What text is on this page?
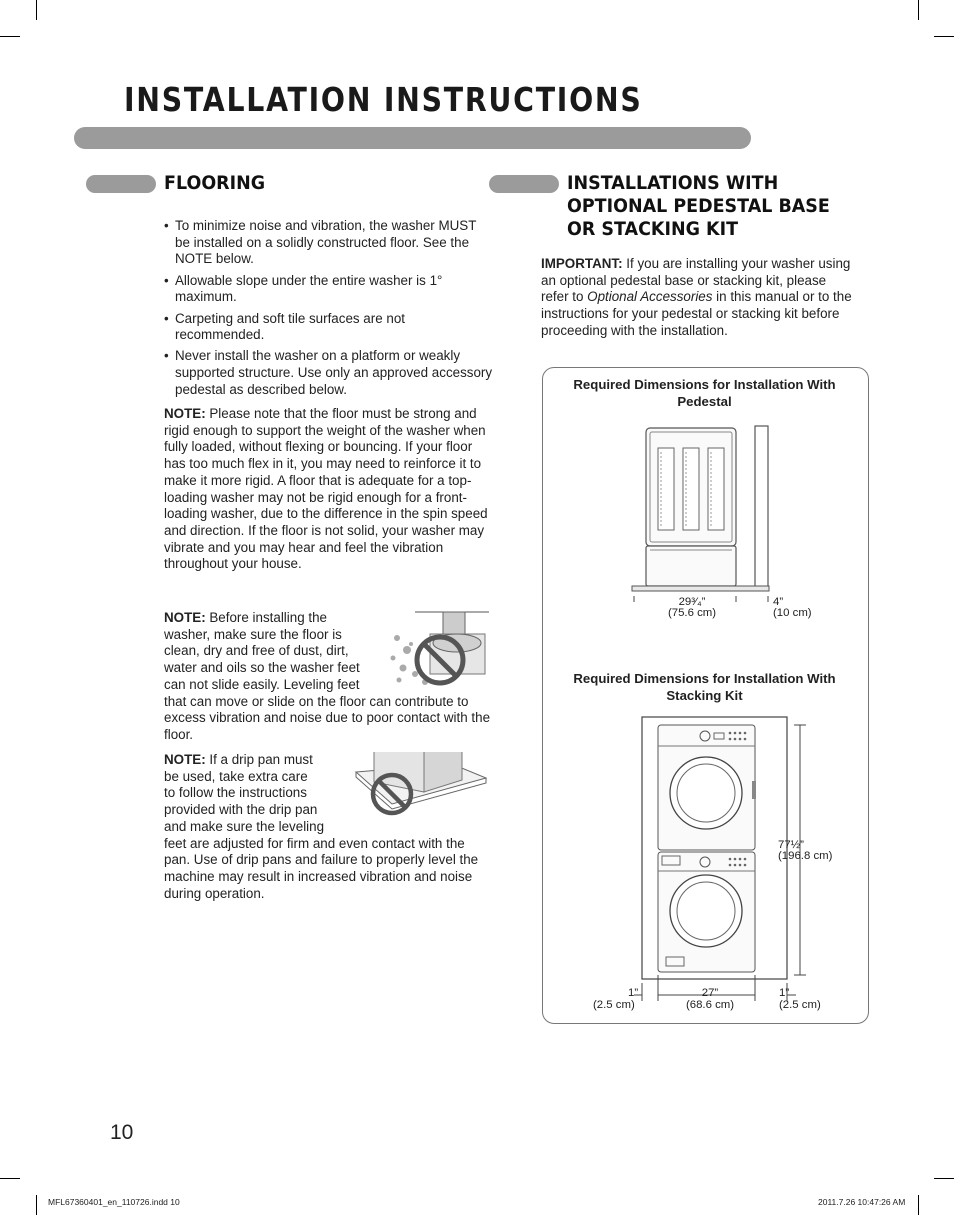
INSTALLATION INSTRUCTIONS
FLOORING
• To minimize noise and vibration, the washer MUST be installed on a solidly constructed floor. See the NOTE below.
• Allowable slope under the entire washer is 1° maximum.
• Carpeting and soft tile surfaces are not recommended.
• Never install the washer on a platform or weakly supported structure. Use only an approved accessory pedestal as described below.
NOTE: Please note that the floor must be strong and rigid enough to support the weight of the washer when fully loaded, without flexing or bouncing. If your floor has too much flex in it, you may need to reinforce it to make it more rigid. A floor that is adequate for a top-loading washer may not be rigid enough for a front-loading washer, due to the difference in the spin speed and direction. If the floor is not solid, your washer may vibrate and you may hear and feel the vibration throughout your house.
NOTE: Before installing the
washer, make sure the floor is
clean, dry and free of dust, dirt,
water and oils so the washer feet
can not slide easily. Leveling feet
that can move or slide on the floor can contribute to excess vibration and noise due to poor contact with the floor.
NOTE: If a drip pan must
be used, take extra care
to follow the instructions
provided with the drip pan
and make sure the leveling
feet are adjusted for firm and even contact with the pan. Use of drip pans and failure to properly level the machine may result in increased vibration and noise during operation.
INSTALLATIONS WITH OPTIONAL PEDESTAL BASE OR STACKING KIT
IMPORTANT: If you are installing your washer using an optional pedestal base or stacking kit, please refer to Optional Accessories in this manual or to the instructions for your pedestal or stacking kit before proceeding with the installation.
Required Dimensions for Installation With Pedestal
29³⁄₄”
(75.6 cm)
4”
(10 cm)
Required Dimensions for Installation With Stacking Kit
77½”
(196.8 cm)
1”
(2.5 cm)
27”
(68.6 cm)
1”
(2.5 cm)
10
MFL67360401_en_110726.indd 10	2011.7.26 10:47:26 AM
